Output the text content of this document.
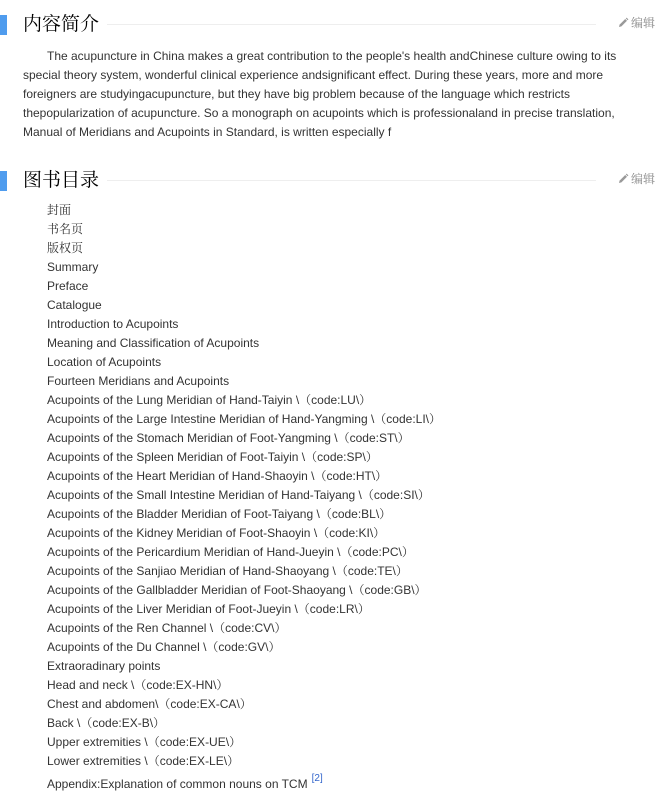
内容简介	编辑
The acupuncture in China makes a great contribution to the people's health andChinese culture owing to its special theory system, wonderful clinical experience andsignificant effect. During these years, more and more foreigners are studyingacupuncture, but they have big problem because of the language which restricts thepopularization of acupuncture. So a monograph on acupoints which is professionaland in precise translation, Manual of Meridians and Acupoints in Standard, is written especially f
图书目录	编辑
封面
书名页
版权页
Summary
Preface
Catalogue
Introduction to Acupoints
Meaning and Classification of Acupoints
Location of Acupoints
Fourteen Meridians and Acupoints
Acupoints of the Lung Meridian of Hand-Taiyin \（code:LU\）
Acupoints of the Large Intestine Meridian of Hand-Yangming \（code:LI\）
Acupoints of the Stomach Meridian of Foot-Yangming \（code:ST\）
Acupoints of the Spleen Meridian of Foot-Taiyin \（code:SP\）
Acupoints of the Heart Meridian of Hand-Shaoyin \（code:HT\）
Acupoints of the Small Intestine Meridian of Hand-Taiyang \（code:SI\）
Acupoints of the Bladder Meridian of Foot-Taiyang \（code:BL\）
Acupoints of the Kidney Meridian of Foot-Shaoyin \（code:KI\）
Acupoints of the Pericardium Meridian of Hand-Jueyin \（code:PC\）
Acupoints of the Sanjiao Meridian of Hand-Shaoyang \（code:TE\）
Acupoints of the Gallbladder Meridian of Foot-Shaoyang \（code:GB\）
Acupoints of the Liver Meridian of Foot-Jueyin \（code:LR\）
Acupoints of the Ren Channel \（code:CV\）
Acupoints of the Du Channel \（code:GV\）
Extraoradinary points
Head and neck \（code:EX-HN\）
Chest and abdomen\（code:EX-CA\）
Back \（code:EX-B\）
Upper extremities \（code:EX-UE\）
Lower extremities \（code:EX-LE\）
Appendix:Explanation of common nouns on TCM [2]
